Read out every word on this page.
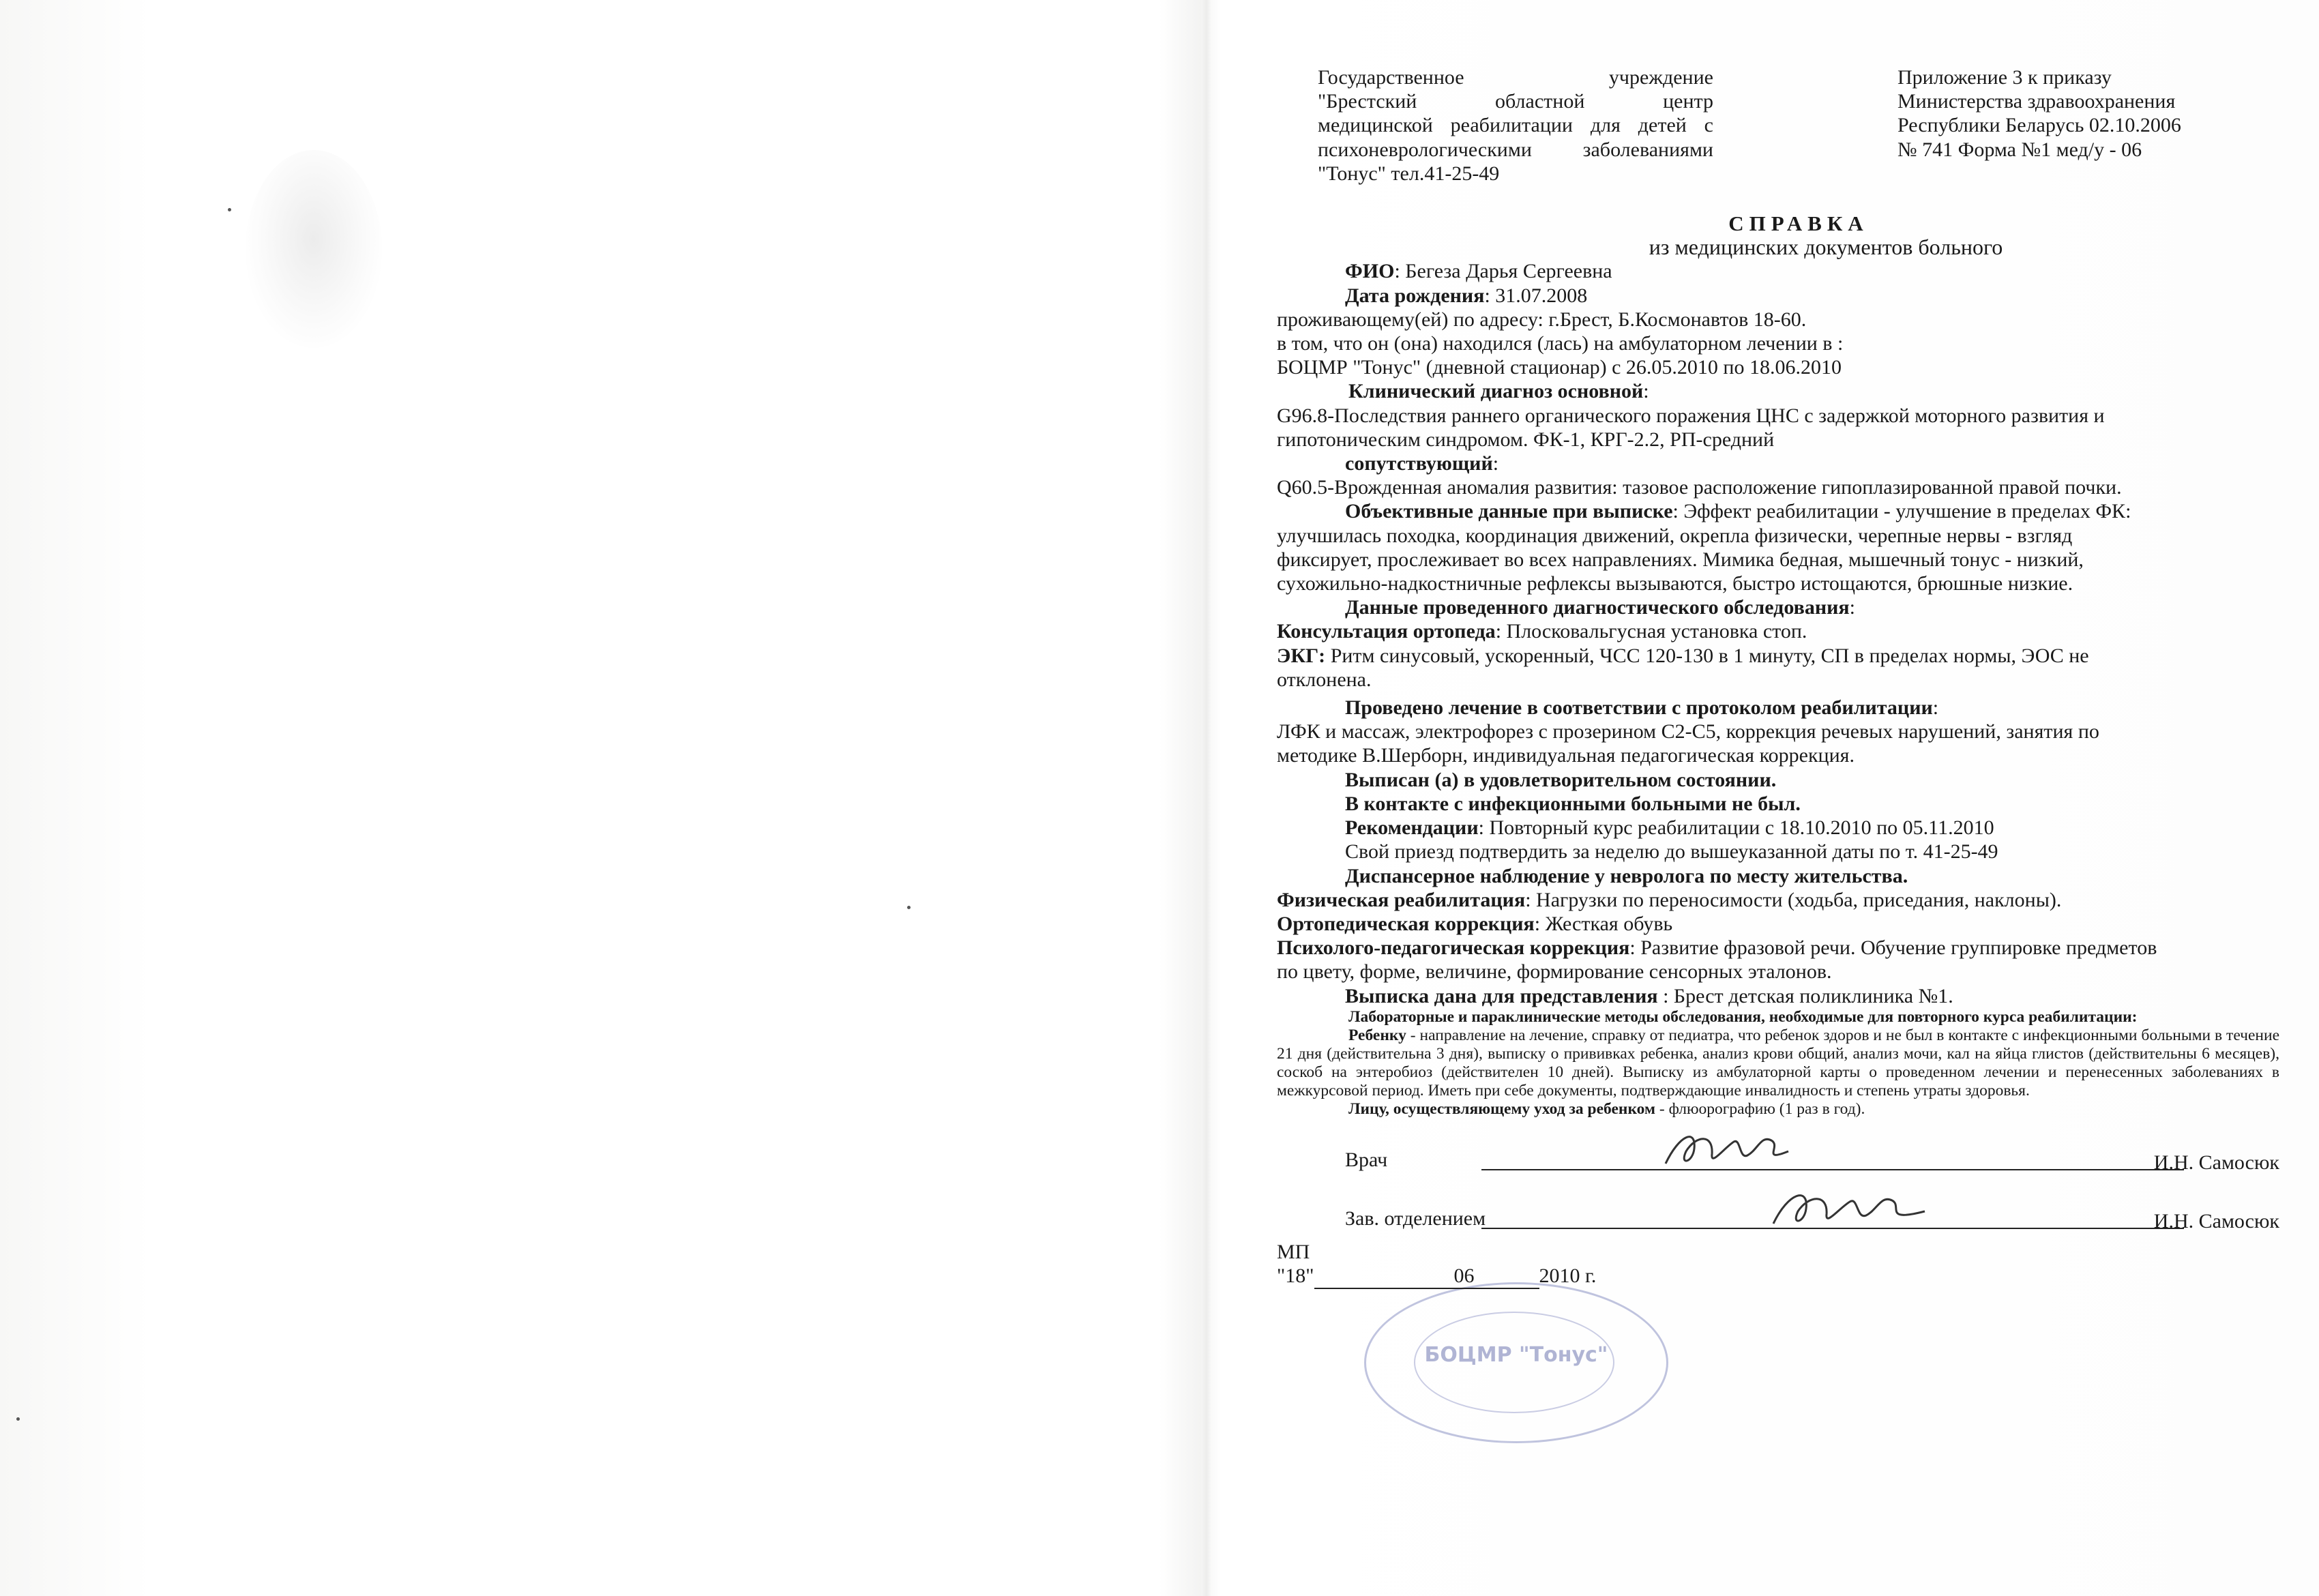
БОЦМР "Тонус"
Государственное учреждение
"Брестский областной центр
медицинской реабилитации для детей с
психоневрологическими заболеваниями
"Тонус" тел.41-25-49
Приложение 3 к приказу
Министерства здравоохранения
Республики Беларусь 02.10.2006
№ 741 Форма №1 мед/у - 06
СПРАВКА
из медицинских документов больного

ФИО: Бегеза Дарья Сергеевна

Дата рождения: 31.07.2008

проживающему(ей) по адресу: г.Брест, Б.Космонавтов 18-60.

в том, что он (она) находился (лась) на амбулаторном лечении в :

БОЦМР "Тонус" (дневной стационар) с 26.05.2010 по 18.06.2010

Клинический диагноз основной:

G96.8-Последствия раннего органического поражения ЦНС с задержкой моторного развития и

гипотоническим синдромом. ФК-1, КРГ-2.2, РП-средний

сопутствующий:

Q60.5-Врожденная аномалия развития: тазовое расположение гипоплазированной правой почки.

Объективные данные при выписке: Эффект реабилитации - улучшение в пределах ФК:

улучшилась походка, координация движений, окрепла физически, черепные нервы - взгляд

фиксирует, прослеживает во всех направлениях. Мимика бедная, мышечный тонус - низкий,

сухожильно-надкостничные рефлексы вызываются, быстро истощаются, брюшные низкие.

Данные проведенного диагностического обследования:

Консультация ортопеда: Плосковальгусная установка стоп.

ЭКГ: Ритм синусовый, ускоренный, ЧСС 120-130 в 1 минуту, СП в пределах нормы, ЭОС не

отклонена.

Проведено лечение в соответствии с протоколом реабилитации:

ЛФК и массаж, электрофорез с прозерином С2-С5, коррекция речевых нарушений, занятия по

методике В.Шерборн, индивидуальная педагогическая коррекция.

Выписан (а) в удовлетворительном состоянии.

В контакте с инфекционными больными не был.

Рекомендации: Повторный курс реабилитации с 18.10.2010 по 05.11.2010

Свой приезд подтвердить за неделю до вышеуказанной даты по т. 41-25-49

Диспансерное наблюдение у невролога по месту жительства.

Физическая реабилитация: Нагрузки по переносимости (ходьба, приседания, наклоны).

Ортопедическая коррекция: Жесткая обувь

Психолого-педагогическая коррекция: Развитие фразовой речи. Обучение группировке предметов

по цвету, форме, величине, формирование сенсорных эталонов.

Выписка дана для представления : Брест детская поликлиника №1.

Лабораторные и параклинические методы обследования, необходимые для повторного курса реабилитации:

Ребенку - направление на лечение, справку от педиатра, что ребенок здоров и не был в контакте с инфекционными больными в течение 21 дня (действительна 3 дня), выписку о прививках ребенка, анализ крови общий, анализ мочи, кал на яйца глистов (действительны 6 месяцев), соскоб на энтеробиоз (действителен 10 дней). Выписку из амбулаторной карты о проведенном лечении и перенесенных заболеваниях в межкурсовой период. Иметь при себе документы, подтверждающие инвалидность и степень утраты здоровья.

Лицу, осуществляющему уход за ребенком - флюорографию (1 раз в год).

Врач	И.Н. Самосюк
Зав. отделением	И.Н. Самосюк

МП

"18"	06	2010 г.
